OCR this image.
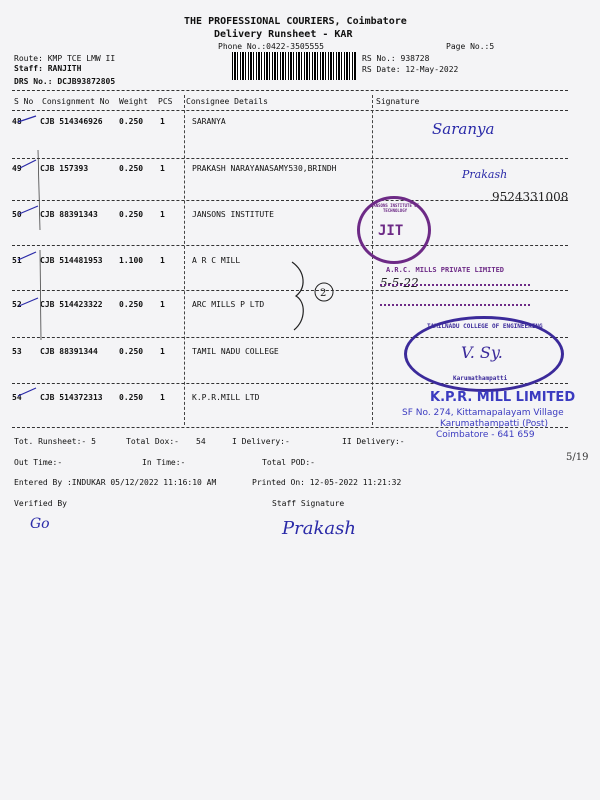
THE PROFESSIONAL COURIERS, Coimbatore
Delivery Runsheet - KAR
Phone No.:0422-3505555	Page No.:5
Route: KMP TCE LMW II
Staff: RANJITH
DRS No.: DCJB93872805
RS No.: 938728
RS Date: 12-May-2022
S No Consignment No Weight PCS Consignee Details	Signature
48 CJB 514346926 0.250 1	SARANYA
49 CJB 157393	0.250 1	PRAKASH NARAYANASAMY530,BRINDH
50 CJB 88391343	0.250 1	JANSONS INSTITUTE
51 CJB 514481953 1.100 1	A R C MILL
52 CJB 514423322 0.250 1	ARC MILLS P LTD
53 CJB 88391344	0.250 1	TAMIL NADU COLLEGE
54 CJB 514372313 0.250 1	K.P.R.MILL LTD
Saranya
Prakash
9524331008
5-5-22
5/19
2
JANSONS INSTITUTE OF TECHNOLOGY
JIT
A.R.C. MILLS PRIVATE LIMITED
TAMILNADU COLLEGE OF ENGINEERING
V. Sy.
Karumathampatti
K.P.R. MILL LIMITED
SF No. 274, Kittamapalayam Village
Karumathampatti (Post)
Coimbatore - 641 659
Tot. Runsheet:- 5	Total Dox:- 54	I Delivery:-	II Delivery:-
Out Time:-	In Time:-	Total POD:-
Entered By :INDUKAR 05/12/2022 11:16:10 AM	Printed On: 12-05-2022 11:21:32
Verified By	Staff Signature
Go	Prakash
